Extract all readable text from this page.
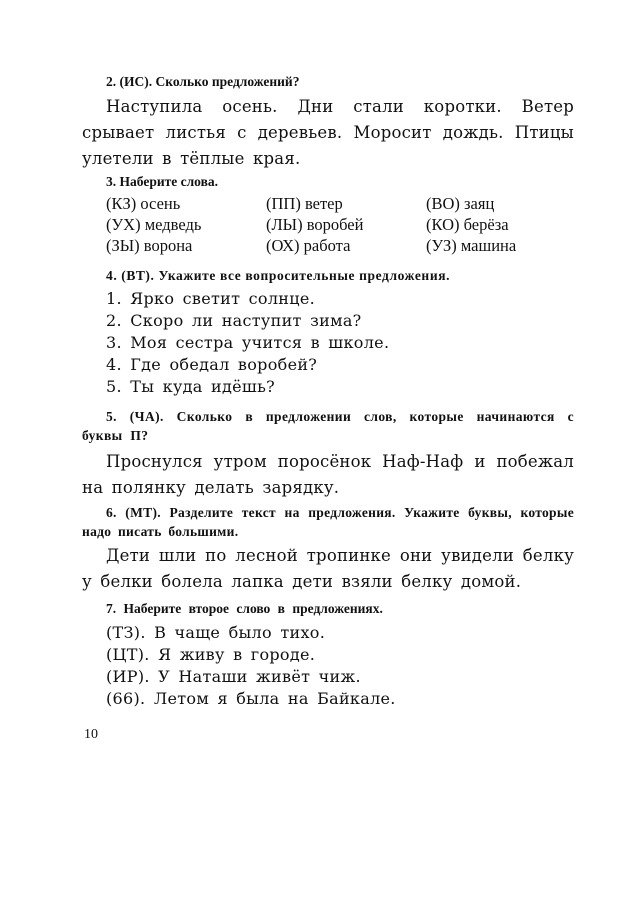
2. (ИС). Сколько предложений?
Наступила осень. Дни стали коротки. Ветер срывает листья с деревьев. Моросит дождь. Птицы улетели в тёплые края.
3. Наберите слова.
(КЗ) осень	(ПП) ветер	(ВО) заяц
(УХ) медведь	(ЛЫ) воробей	(КО) берёза
(ЗЫ) ворона	(ОХ) работа	(УЗ) машина
4. (ВТ). Укажите все вопросительные предложения.
1. Ярко светит солнце.
2. Скоро ли наступит зима?
3. Моя сестра учится в школе.
4. Где обедал воробей?
5. Ты куда идёшь?
5. (ЧА). Сколько в предложении слов, которые начинаются с буквы П?
Проснулся утром поросёнок Наф-Наф и побежал на полянку делать зарядку.
6. (МТ). Разделите текст на предложения. Укажите буквы, которые надо писать большими.
Дети шли по лесной тропинке они увидели белку у белки болела лапка дети взяли белку домой.
7. Наберите второе слово в предложениях.
(ТЗ). В чаще было тихо.
(ЦТ). Я живу в городе.
(ИР). У Наташи живёт чиж.
(66). Летом я была на Байкале.
10
